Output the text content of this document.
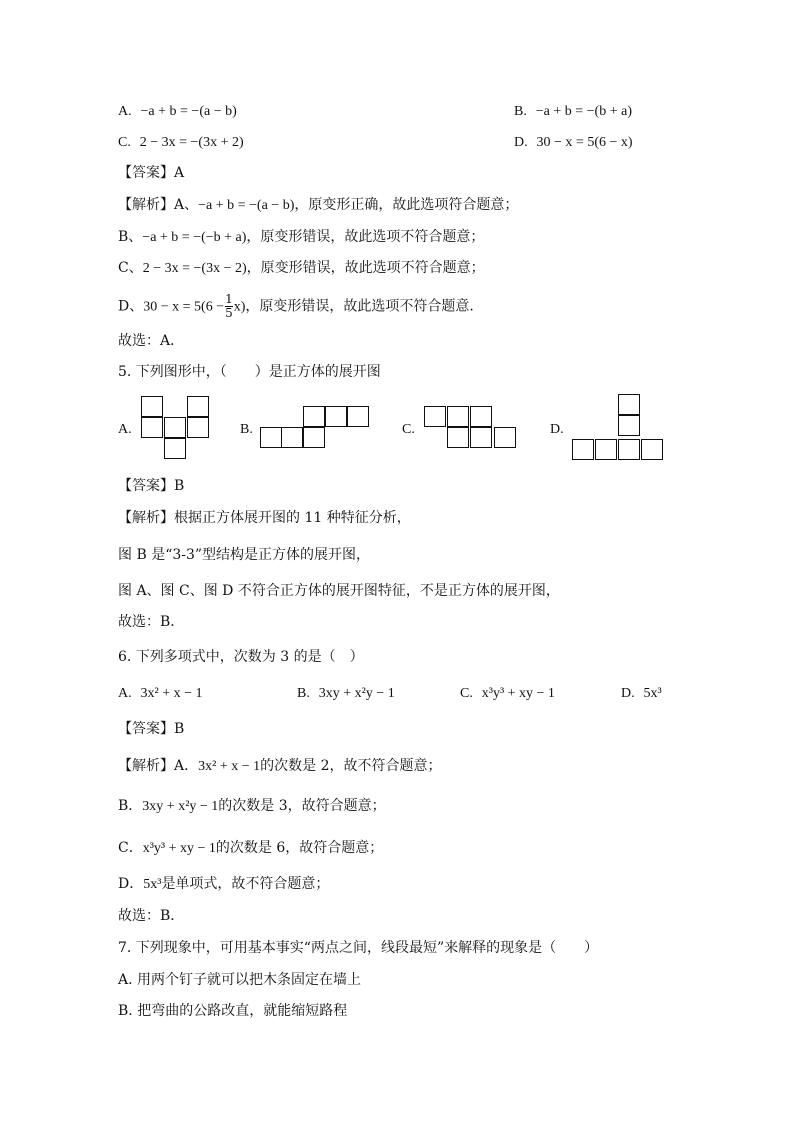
A. −a + b = −(a − b)	B. −a + b = −(b + a)
C. 2 − 3x = −(3x + 2)	D. 30 − x = 5(6 − x)
【答案】A
【解析】A、−a + b = −(a − b)，原变形正确，故此选项符合题意；
B、−a + b = −(−b + a)，原变形错误，故此选项不符合题意；
C、2 − 3x = −(3x − 2)，原变形错误，故此选项不符合题意；
D、$30 - x = 5(6 - \frac{1}{5} x)$，原变形错误，故此选项不符合题意．
故选：A．
5. 下列图形中，（　　）是正方体的展开图
A.	B.	C.	D.
【答案】B
【解析】根据正方体展开图的 11 种特征分析，
图 B 是“3-3”型结构是正方体的展开图，
图 A、图 C、图 D 不符合正方体的展开图特征，不是正方体的展开图，
故选：B．
6. 下列多项式中，次数为 3 的是（　）
A. 3x² + x − 1	B. 3xy + x²y − 1	C. x³y³ + xy − 1	D. 5x³
【答案】B
【解析】A．3x² + x − 1的次数是 2，故不符合题意；
B．3xy + x²y − 1的次数是 3，故符合题意；
C．x³y³ + xy − 1的次数是 6，故符合题意；
D．5x³是单项式，故不符合题意；
故选：B．
7. 下列现象中，可用基本事实“两点之间，线段最短”来解释的现象是（　　）
A. 用两个钉子就可以把木条固定在墙上
B. 把弯曲的公路改直，就能缩短路程
